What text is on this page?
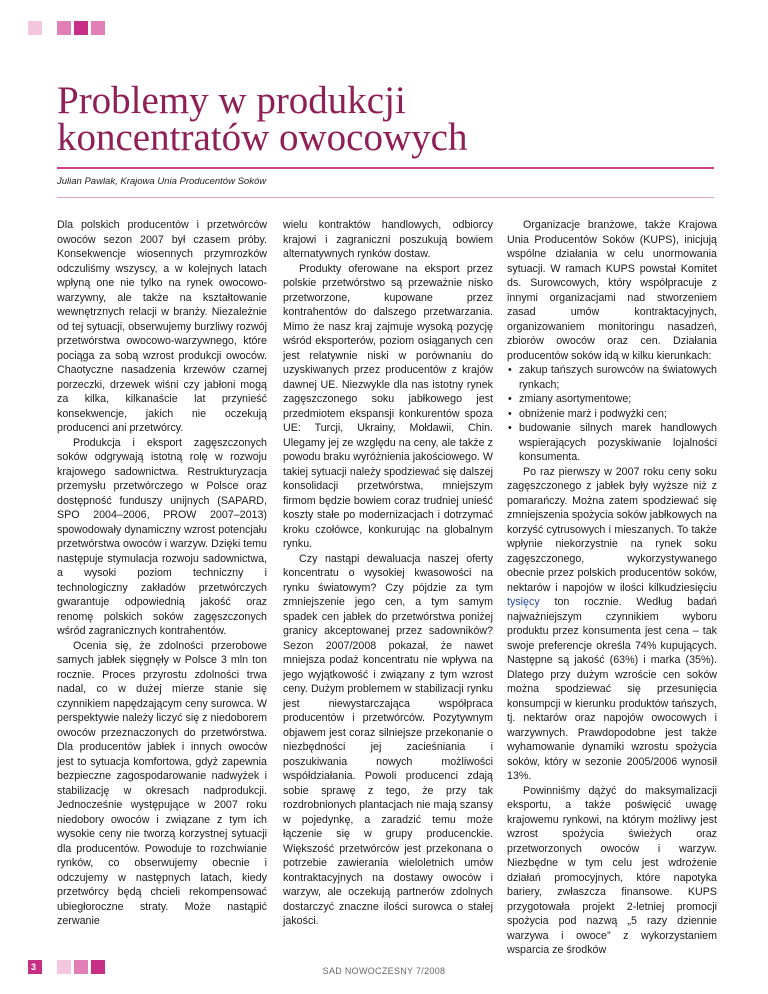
Problemy w produkcji
koncentratów owocowych
Julian Pawlak, Krajowa Unia Producentów Soków

Dla polskich producentów i przetwórców owoców sezon 2007 był czasem próby. Konsekwencje wiosennych przymrozków odczuliśmy wszyscy, a w kolejnych latach wpłyną one nie tylko na rynek owocowo-warzywny, ale także na kształtowanie wewnętrznych relacji w branży. Niezależnie od tej sytuacji, obserwujemy burzliwy rozwój przetwórstwa owocowo-warzywnego, które pociąga za sobą wzrost produkcji owoców. Chaotyczne nasadzenia krzewów czarnej porzeczki, drzewek wiśni czy jabłoni mogą za kilka, kilkanaście lat przynieść konsekwencje, jakich nie oczekują producenci ani przetwórcy.

Produkcja i eksport zagęszczonych soków odgrywają istotną rolę w rozwoju krajowego sadownictwa. Restrukturyzacja przemysłu przetwórczego w Polsce oraz dostępność funduszy unijnych (SAPARD, SPO 2004–2006, PROW 2007–2013) spowodowały dynamiczny wzrost potencjału przetwórstwa owoców i warzyw. Dzięki temu następuje stymulacja rozwoju sadownictwa, a wysoki poziom techniczny i technologiczny zakładów przetwórczych gwarantuje odpowiednią jakość oraz renomę polskich soków zagęszczonych wśród zagranicznych kontrahentów.

Ocenia się, że zdolności przerobowe samych jabłek sięgnęły w Polsce 3 mln ton rocznie. Proces przyrostu zdolności trwa nadal, co w dużej mierze stanie się czynnikiem napędzającym ceny surowca. W perspektywie należy liczyć się z niedoborem owoców przeznaczonych do przetwórstwa. Dla producentów jabłek i innych owoców jest to sytuacja komfortowa, gdyż zapewnia bezpieczne zagospodarowanie nadwyżek i stabilizację w okresach nadprodukcji. Jednocześnie występujące w 2007 roku niedobory owoców i związane z tym ich wysokie ceny nie tworzą korzystnej sytuacji dla producentów. Powoduje to rozchwianie rynków, co obserwujemy obecnie i odczujemy w następnych latach, kiedy przetwórcy będą chcieli rekompensować ubiegłoroczne straty. Może nastąpić zerwanie

wielu kontraktów handlowych, odbiorcy krajowi i zagraniczni poszukują bowiem alternatywnych rynków dostaw.

Produkty oferowane na eksport przez polskie przetwórstwo są przeważnie nisko przetworzone, kupowane przez kontrahentów do dalszego przetwarzania. Mimo że nasz kraj zajmuje wysoką pozycję wśród eksporterów, poziom osiąganych cen jest relatywnie niski w porównaniu do uzyskiwanych przez producentów z krajów dawnej UE. Niezwykle dla nas istotny rynek zagęszczonego soku jabłkowego jest przedmiotem ekspansji konkurentów spoza UE: Turcji, Ukrainy, Mołdawii, Chin. Ulegamy jej ze względu na ceny, ale także z powodu braku wyróżnienia jakościowego. W takiej sytuacji należy spodziewać się dalszej konsolidacji przetwórstwa, mniejszym firmom będzie bowiem coraz trudniej unieść koszty stałe po modernizacjach i dotrzymać kroku czołówce, konkurując na globalnym rynku.

Czy nastąpi dewaluacja naszej oferty koncentratu o wysokiej kwasowości na rynku światowym? Czy pójdzie za tym zmniejszenie jego cen, a tym samym spadek cen jabłek do przetwórstwa poniżej granicy akceptowanej przez sadowników? Sezon 2007/2008 pokazał, że nawet mniejsza podaż koncentratu nie wpływa na jego wyjątkowość i związany z tym wzrost ceny. Dużym problemem w stabilizacji rynku jest niewystarczająca współpraca producentów i przetwórców. Pozytywnym objawem jest coraz silniejsze przekonanie o niezbędności jej zacieśniania i poszukiwania nowych możliwości współdziałania. Powoli producenci zdają sobie sprawę z tego, że przy tak rozdrobnionych plantacjach nie mają szansy w pojedynkę, a zaradzić temu może łączenie się w grupy producenckie. Większość przetwórców jest przekonana o potrzebie zawierania wieloletnich umów kontraktacyjnych na dostawy owoców i warzyw, ale oczekują partnerów zdolnych dostarczyć znaczne ilości surowca o stałej jakości.

Organizacje branżowe, także Krajowa Unia Producentów Soków (KUPS), inicjują wspólne działania w celu unormowania sytuacji. W ramach KUPS powstał Komitet ds. Surowcowych, który współpracuje z innymi organizacjami nad stworzeniem zasad umów kontraktacyjnych, organizowaniem monitoringu nasadzeń, zbiorów owoców oraz cen. Działania producentów soków idą w kilku kierunkach:

• zakup tańszych surowców na światowych rynkach;
• zmiany asortymentowe;
• obniżenie marż i podwyżki cen;
• budowanie silnych marek handlowych wspierających pozyskiwanie lojalności konsumenta.

Po raz pierwszy w 2007 roku ceny soku zagęszczonego z jabłek były wyższe niż z pomarańczy. Można zatem spodziewać się zmniejszenia spożycia soków jabłkowych na korzyść cytrusowych i mieszanych. To także wpłynie niekorzystnie na rynek soku zagęszczonego, wykorzystywanego obecnie przez polskich producentów soków, nektarów i napojów w ilości kilkudziesięciu tysięcy ton rocznie. Według badań najważniejszym czynnikiem wyboru produktu przez konsumenta jest cena – tak swoje preferencje określa 74% kupujących. Następne są jakość (63%) i marka (35%). Dlatego przy dużym wzroście cen soków można spodziewać się przesunięcia konsumpcji w kierunku produktów tańszych, tj. nektarów oraz napojów owocowych i warzywnych. Prawdopodobne jest także wyhamowanie dynamiki wzrostu spożycia soków, który w sezonie 2005/2006 wynosił 13%.

Powinniśmy dążyć do maksymalizacji eksportu, a także poświęcić uwagę krajowemu rynkowi, na którym możliwy jest wzrost spożycia świeżych oraz przetworzonych owoców i warzyw. Niezbędne w tym celu jest wdrożenie działań promocyjnych, które napotyka bariery, zwłaszcza finansowe. KUPS przygotowała projekt 2-letniej promocji spożycia pod nazwą „5 razy dziennie warzywa i owoce” z wykorzystaniem wsparcia ze środków

3	SAD NOWOCZESNY 7/2008
